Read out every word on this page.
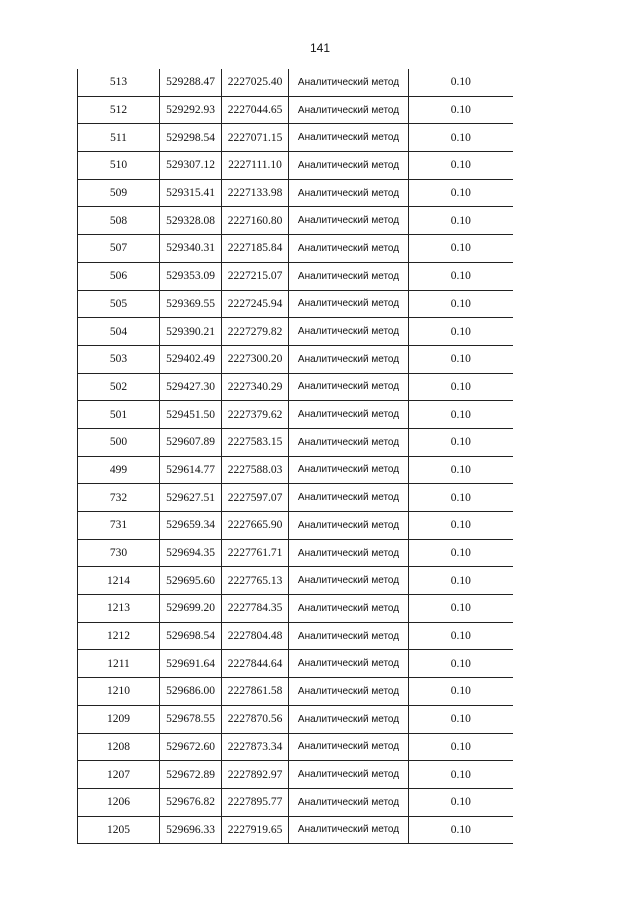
141
513	529288.47	2227025.40	Аналитический метод	0.10
512	529292.93	2227044.65	Аналитический метод	0.10
511	529298.54	2227071.15	Аналитический метод	0.10
510	529307.12	2227111.10	Аналитический метод	0.10
509	529315.41	2227133.98	Аналитический метод	0.10
508	529328.08	2227160.80	Аналитический метод	0.10
507	529340.31	2227185.84	Аналитический метод	0.10
506	529353.09	2227215.07	Аналитический метод	0.10
505	529369.55	2227245.94	Аналитический метод	0.10
504	529390.21	2227279.82	Аналитический метод	0.10
503	529402.49	2227300.20	Аналитический метод	0.10
502	529427.30	2227340.29	Аналитический метод	0.10
501	529451.50	2227379.62	Аналитический метод	0.10
500	529607.89	2227583.15	Аналитический метод	0.10
499	529614.77	2227588.03	Аналитический метод	0.10
732	529627.51	2227597.07	Аналитический метод	0.10
731	529659.34	2227665.90	Аналитический метод	0.10
730	529694.35	2227761.71	Аналитический метод	0.10
1214	529695.60	2227765.13	Аналитический метод	0.10
1213	529699.20	2227784.35	Аналитический метод	0.10
1212	529698.54	2227804.48	Аналитический метод	0.10
1211	529691.64	2227844.64	Аналитический метод	0.10
1210	529686.00	2227861.58	Аналитический метод	0.10
1209	529678.55	2227870.56	Аналитический метод	0.10
1208	529672.60	2227873.34	Аналитический метод	0.10
1207	529672.89	2227892.97	Аналитический метод	0.10
1206	529676.82	2227895.77	Аналитический метод	0.10
1205	529696.33	2227919.65	Аналитический метод	0.10
